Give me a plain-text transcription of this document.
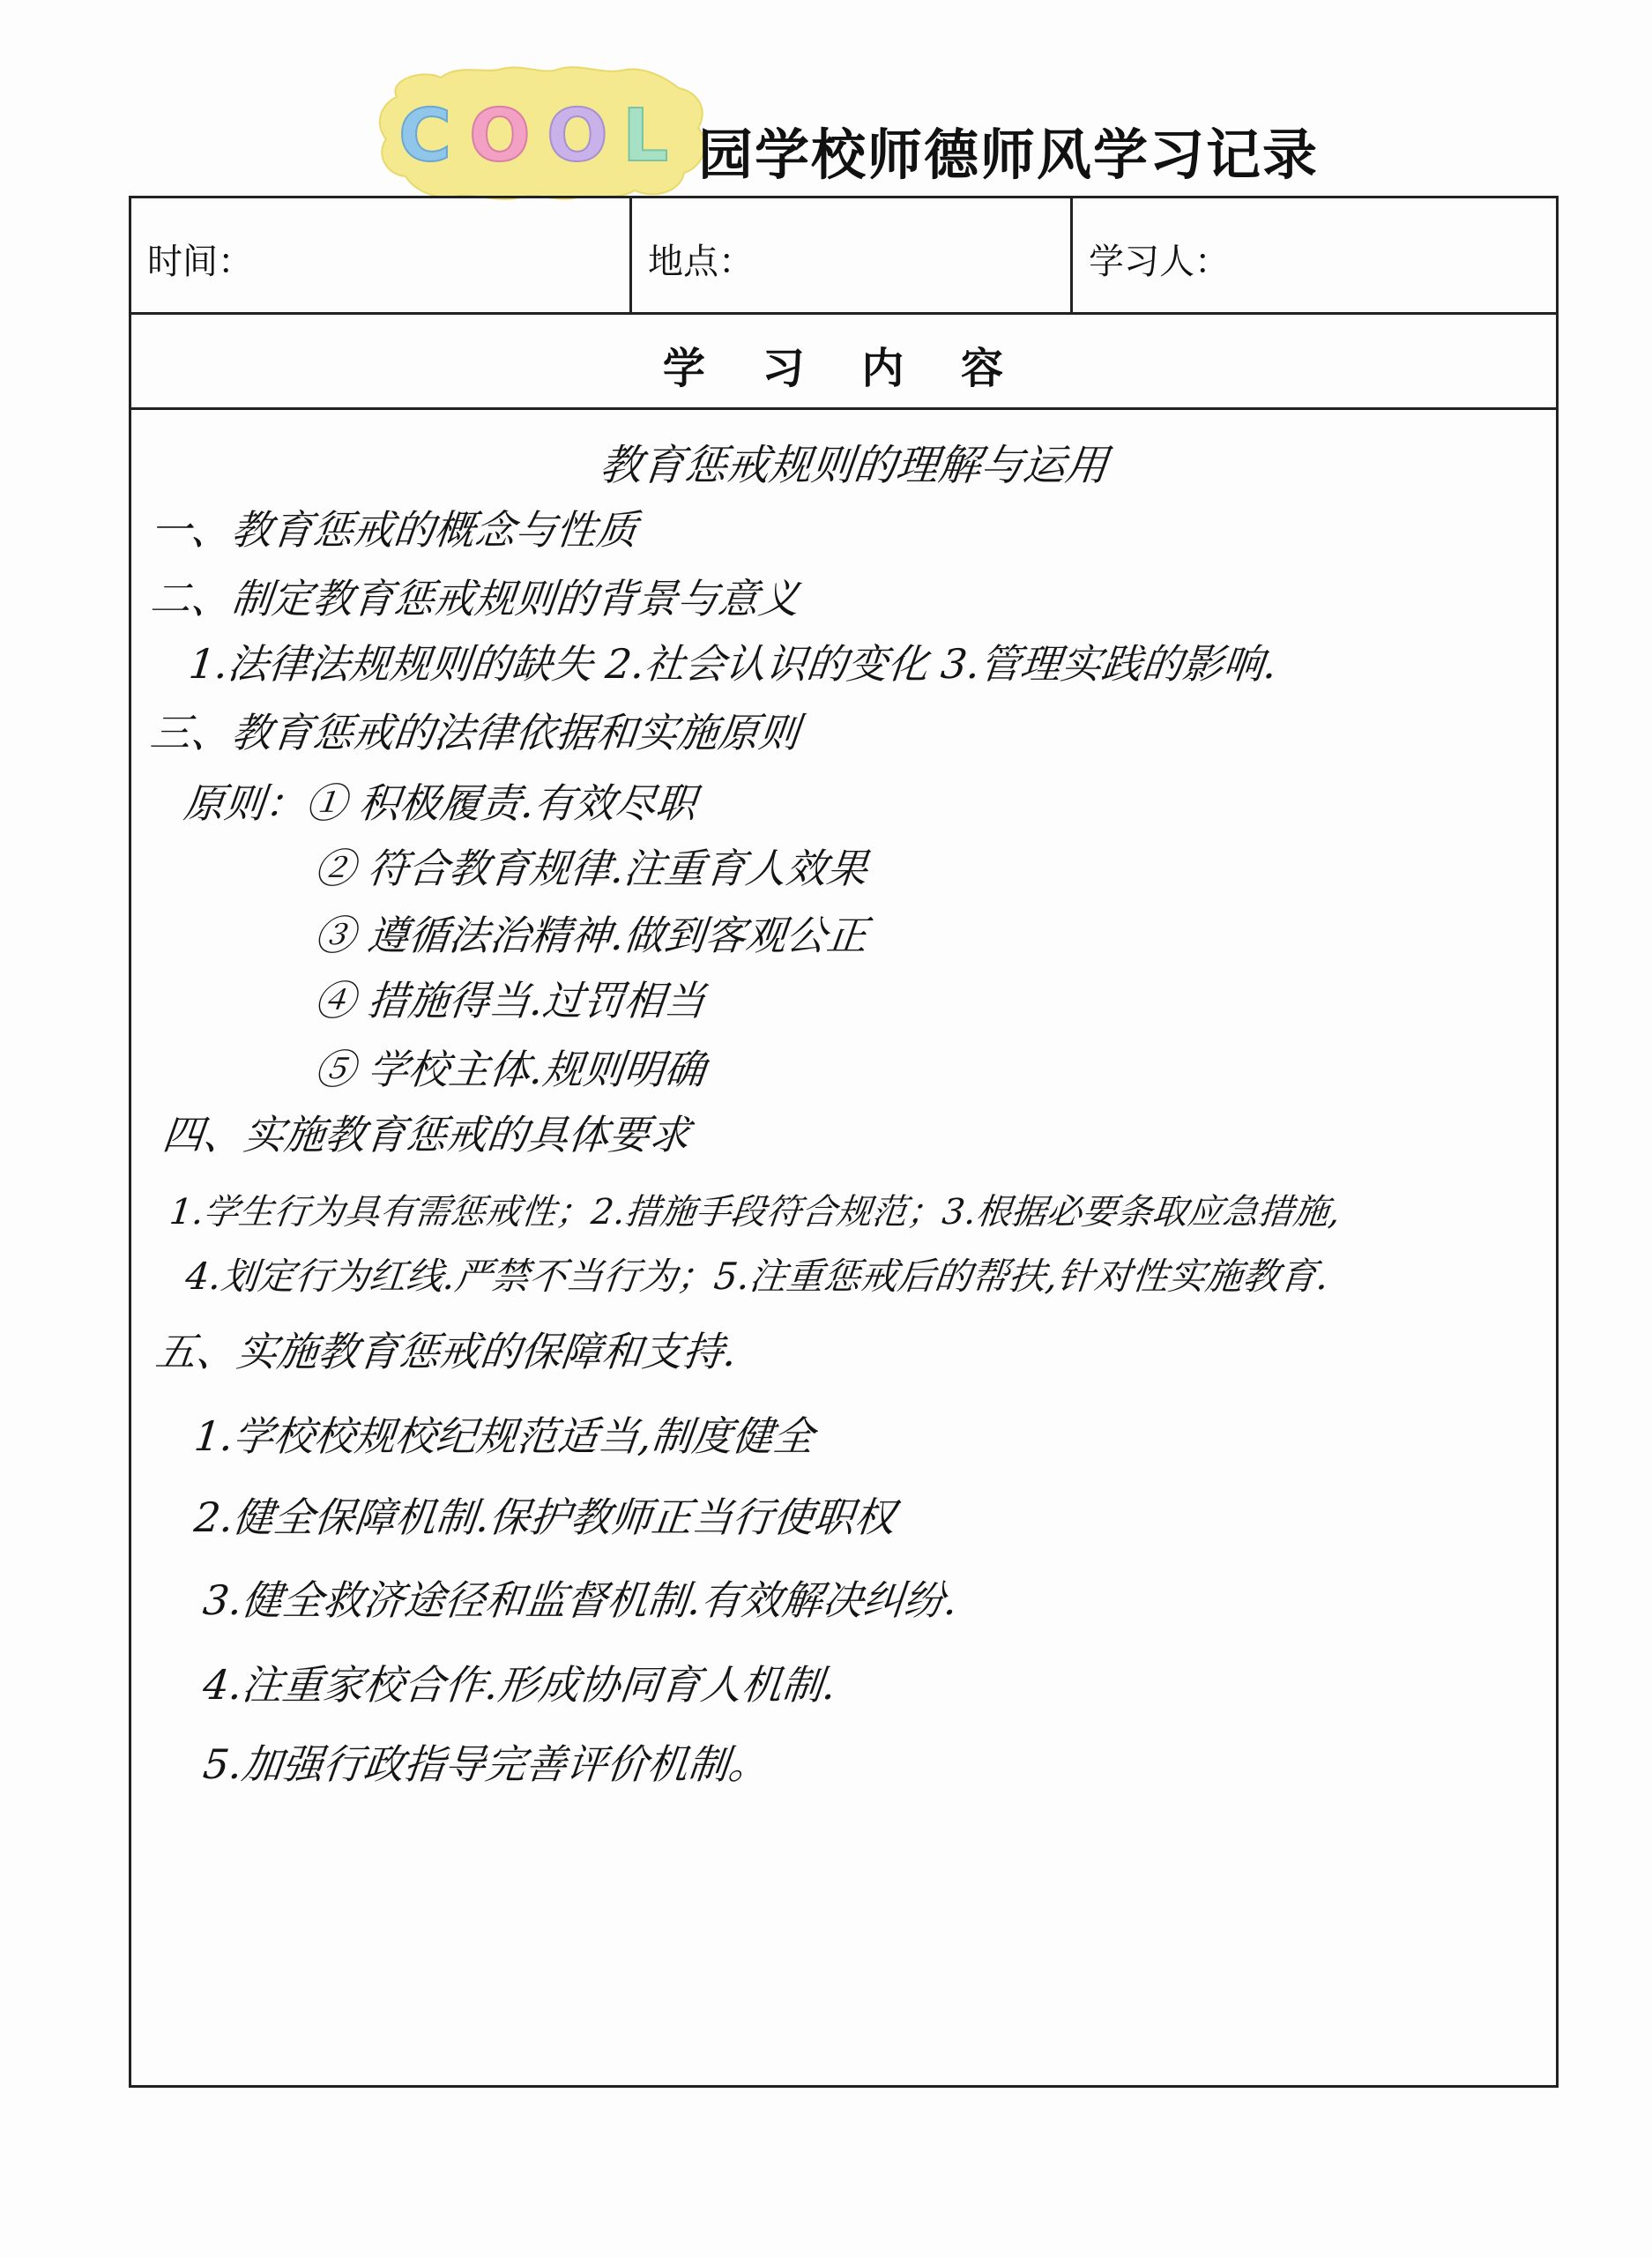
C O O L 园学校师德师风学习记录
时间：	地点：	学习人：
学 习 内 容
教育惩戒规则的理解与运用
一、教育惩戒的概念与性质
二、制定教育惩戒规则的背景与意义
1.法律法规规则的缺失 2.社会认识的变化 3.管理实践的影响.
三、教育惩戒的法律依据和实施原则
原则：① 积极履责.有效尽职
② 符合教育规律.注重育人效果
③ 遵循法治精神.做到客观公正
④ 措施得当.过罚相当
⑤ 学校主体.规则明确
四、实施教育惩戒的具体要求
1.学生行为具有需惩戒性；2.措施手段符合规范；3.根据必要条取应急措施,
4.划定行为红线.严禁不当行为；5.注重惩戒后的帮扶,针对性实施教育.
五、实施教育惩戒的保障和支持.
1.学校校规校纪规范适当,制度健全
2.健全保障机制.保护教师正当行使职权
3.健全救济途径和监督机制.有效解决纠纷.
4.注重家校合作.形成协同育人机制.
5.加强行政指导完善评价机制。
